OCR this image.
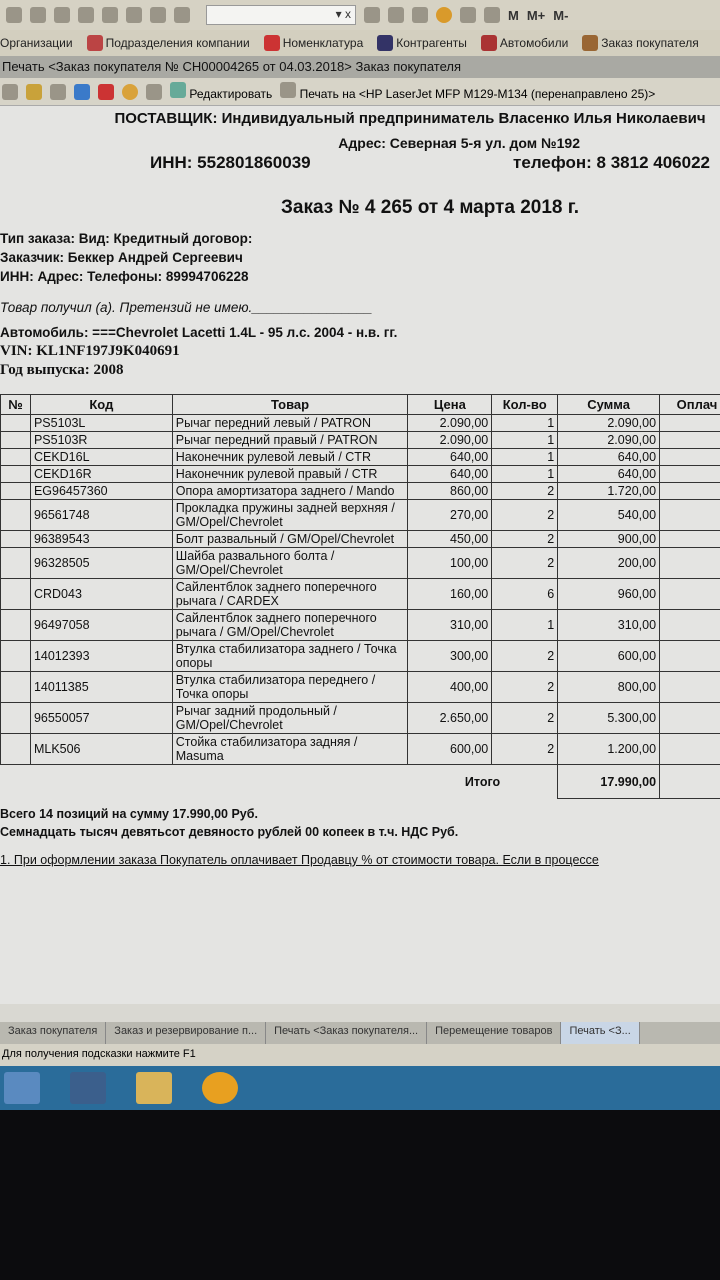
▾ x	M M+ M-
Организации	Подразделения компании	Номенклатура	Контрагенты	Автомобили	Заказ покупателя
Печать <Заказ покупателя № СН00004265 от 04.03.2018> Заказ покупателя
Редактировать	Печать на <HP LaserJet MFP M129-M134 (перенаправлено 25)>
ПОСТАВЩИК: Индивидуальный предприниматель Власенко Илья Николаевич
Адрес: Северная 5-я ул. дом №192
ИНН: 552801860039	телефон: 8 3812 406022
Заказ № 4 265 от 4 марта 2018 г.
Тип заказа: Вид: Кредитный договор:
Заказчик: Беккер Андрей Сергеевич
ИНН: Адрес: Телефоны: 89994706228
Товар получил (а). Претензий не имею.________________
Автомобиль: ===Chevrolet Lacetti 1.4L - 95 л.с. 2004 - н.в. гг.
VIN: KL1NF197J9K040691
Год выпуска: 2008
№	Код	Товар	Цена	Кол-во	Сумма	Оплач
	PS5103L	Рычаг передний левый / PATRON	2.090,00	1	2.090,00	
	PS5103R	Рычаг передний правый / PATRON	2.090,00	1	2.090,00	
	CEKD16L	Наконечник рулевой левый / CTR	640,00	1	640,00	
	CEKD16R	Наконечник рулевой правый / CTR	640,00	1	640,00	
	EG96457360	Опора амортизатора заднего / Mando	860,00	2	1.720,00	
	96561748	Прокладка пружины задней верхняя / GM/Opel/Chevrolet	270,00	2	540,00	
	96389543	Болт развальный / GM/Opel/Chevrolet	450,00	2	900,00	
	96328505	Шайба развального болта / GM/Opel/Chevrolet	100,00	2	200,00	
	CRD043	Сайлентблок заднего поперечного рычага / CARDEX	160,00	6	960,00	
	96497058	Сайлентблок заднего поперечного рычага / GM/Opel/Chevrolet	310,00	1	310,00	
	14012393	Втулка стабилизатора заднего / Точка опоры	300,00	2	600,00	
	14011385	Втулка стабилизатора переднего / Точка опоры	400,00	2	800,00	
	96550057	Рычаг задний продольный / GM/Opel/Chevrolet	2.650,00	2	5.300,00	
	MLK506	Стойка стабилизатора задняя / Masuma	600,00	2	1.200,00	
			Итого		17.990,00	
Всего 14 позиций на сумму 17.990,00 Руб.
Семнадцать тысяч девятьсот девяносто рублей 00 копеек в т.ч. НДС Руб.
1. При оформлении заказа Покупатель оплачивает Продавцу % от стоимости товара. Если в процессе
Заказ покупателя	Заказ и резервирование п...	Печать <Заказ покупателя...	Перемещение товаров	Печать <З...
Для получения подсказки нажмите F1
